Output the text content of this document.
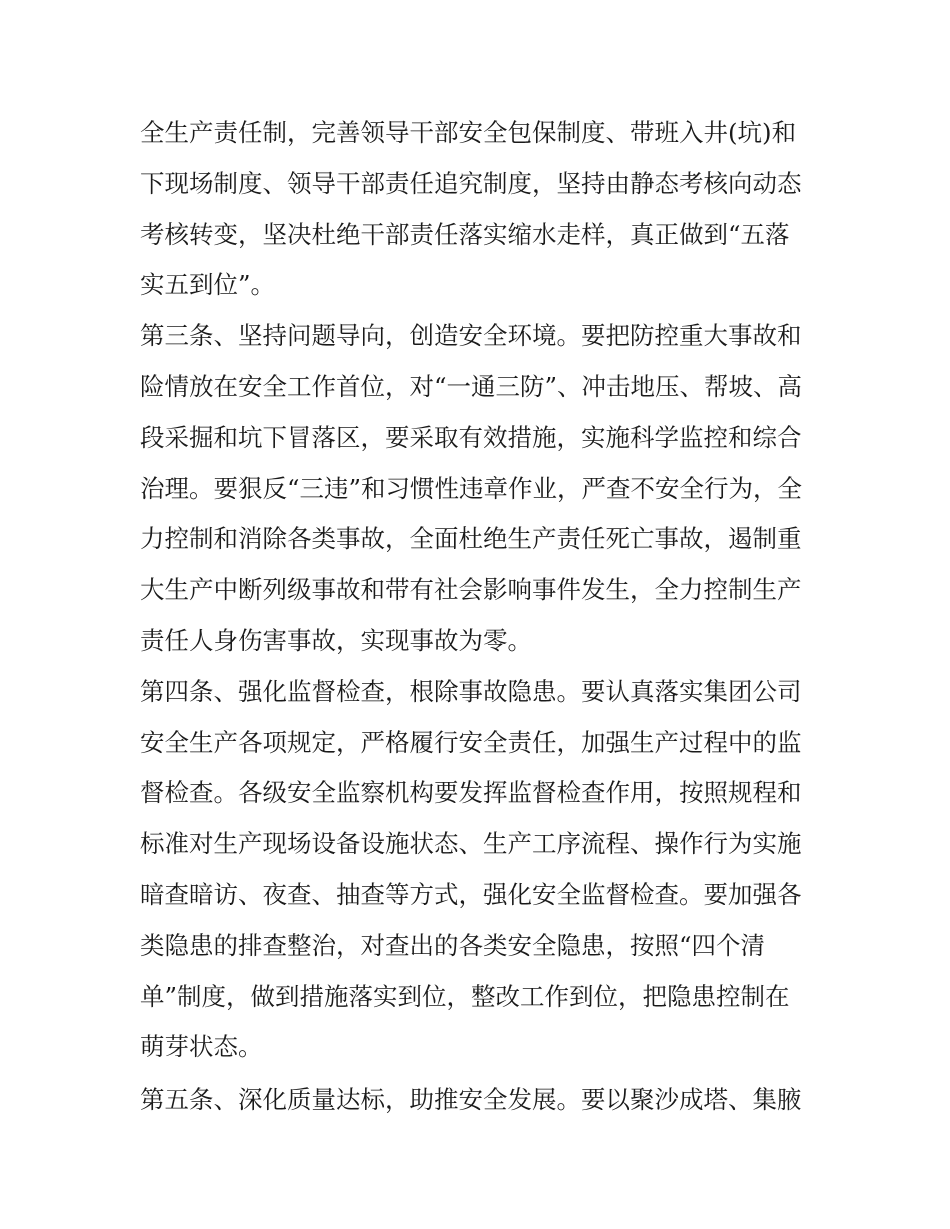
全生产责任制，完善领导干部安全包保制度、带班入井(坑)和
下现场制度、领导干部责任追究制度，坚持由静态考核向动态
考核转变，坚决杜绝干部责任落实缩水走样，真正做到“五落
实五到位”。
第三条、坚持问题导向，创造安全环境。要把防控重大事故和
险情放在安全工作首位，对“一通三防”、冲击地压、帮坡、高
段采掘和坑下冒落区，要采取有效措施，实施科学监控和综合
治理。要狠反“三违”和习惯性违章作业，严查不安全行为，全
力控制和消除各类事故，全面杜绝生产责任死亡事故，遏制重
大生产中断列级事故和带有社会影响事件发生，全力控制生产
责任人身伤害事故，实现事故为零。
第四条、强化监督检查，根除事故隐患。要认真落实集团公司
安全生产各项规定，严格履行安全责任，加强生产过程中的监
督检查。各级安全监察机构要发挥监督检查作用，按照规程和
标准对生产现场设备设施状态、生产工序流程、操作行为实施
暗查暗访、夜查、抽查等方式，强化安全监督检查。要加强各
类隐患的排查整治，对查出的各类安全隐患，按照“四个清
单”制度，做到措施落实到位，整改工作到位，把隐患控制在
萌芽状态。
第五条、深化质量达标，助推安全发展。要以聚沙成塔、集腋
